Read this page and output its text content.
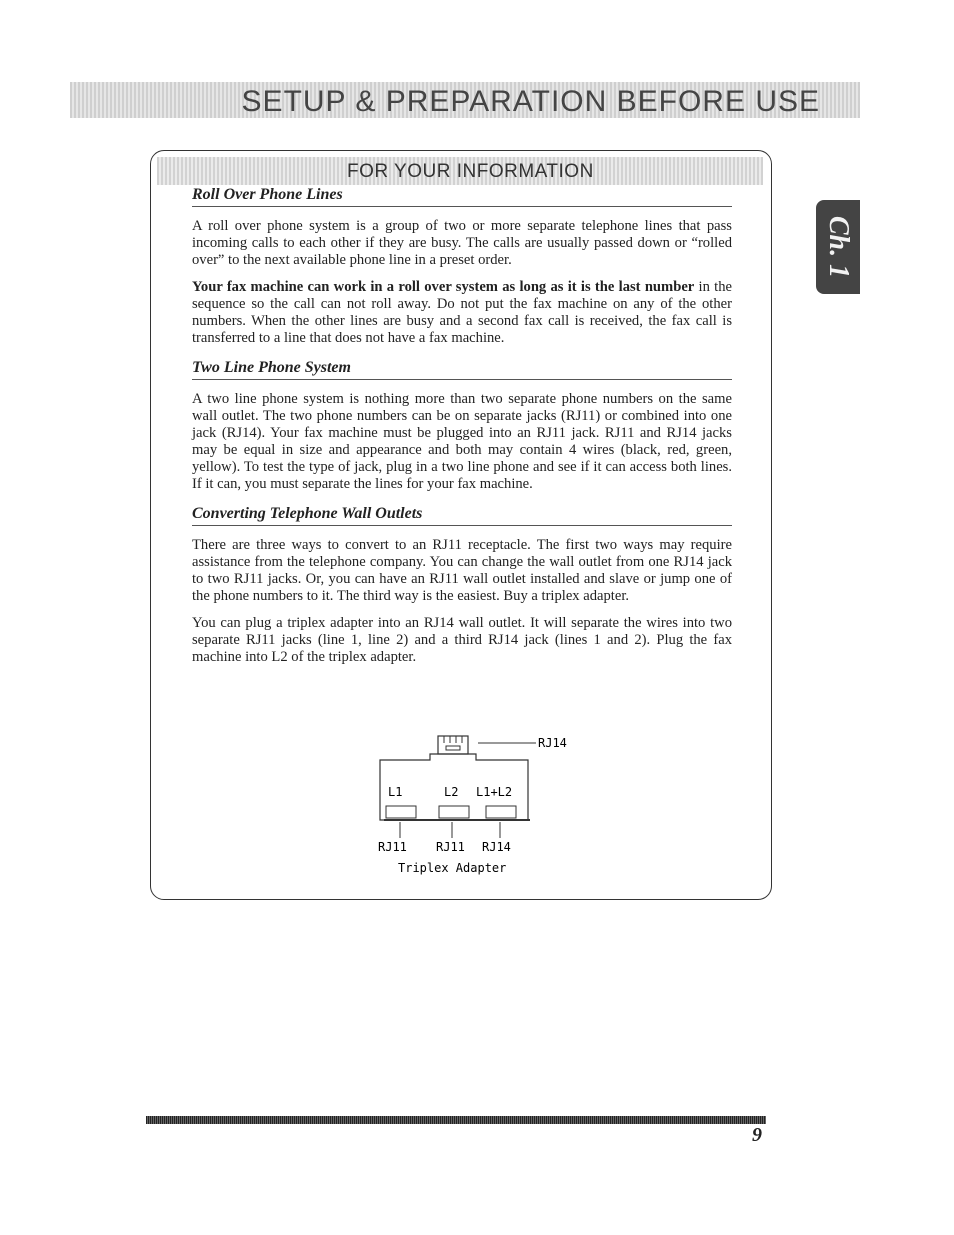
SETUP & PREPARATION BEFORE USE
Ch. 1
FOR YOUR INFORMATION
Roll Over Phone Lines

A roll over phone system is a group of two or more separate telephone lines that pass incoming calls to each other if they are busy. The calls are usually passed down or “rolled over” to the next available phone line in a preset order.

Your fax machine can work in a roll over system as long as it is the last number in the sequence so the call can not roll away. Do not put the fax machine on any of the other numbers. When the other lines are busy and a second fax call is received, the fax call is transferred to a line that does not have a fax machine.

Two Line Phone System

A two line phone system is nothing more than two separate phone numbers on the same wall outlet. The two phone numbers can be on separate jacks (RJ11) or combined into one jack (RJ14). Your fax machine must be plugged into an RJ11 jack. RJ11 and RJ14 jacks may be equal in size and appearance and both may contain 4 wires (black, red, green, yellow). To test the type of jack, plug in a two line phone and see if it can access both lines. If it can, you must separate the lines for your fax machine.

Converting Telephone Wall Outlets

There are three ways to convert to an RJ11 receptacle. The first two ways may require assistance from the telephone company. You can change the wall outlet from one RJ14 jack to two RJ11 jacks. Or, you can have an RJ11 wall outlet installed and slave or jump one of the phone numbers to it. The third way is the easiest. Buy a triplex adapter.

You can plug a triplex adapter into an RJ14 wall outlet. It will separate the wires into two separate RJ11 jacks (line 1, line 2) and a third RJ14 jack (lines 1 and 2). Plug the fax machine into L2 of the triplex adapter.

RJ14
L1	L2 L1+L2
RJ11 RJ11 RJ14
Triplex Adapter
9
